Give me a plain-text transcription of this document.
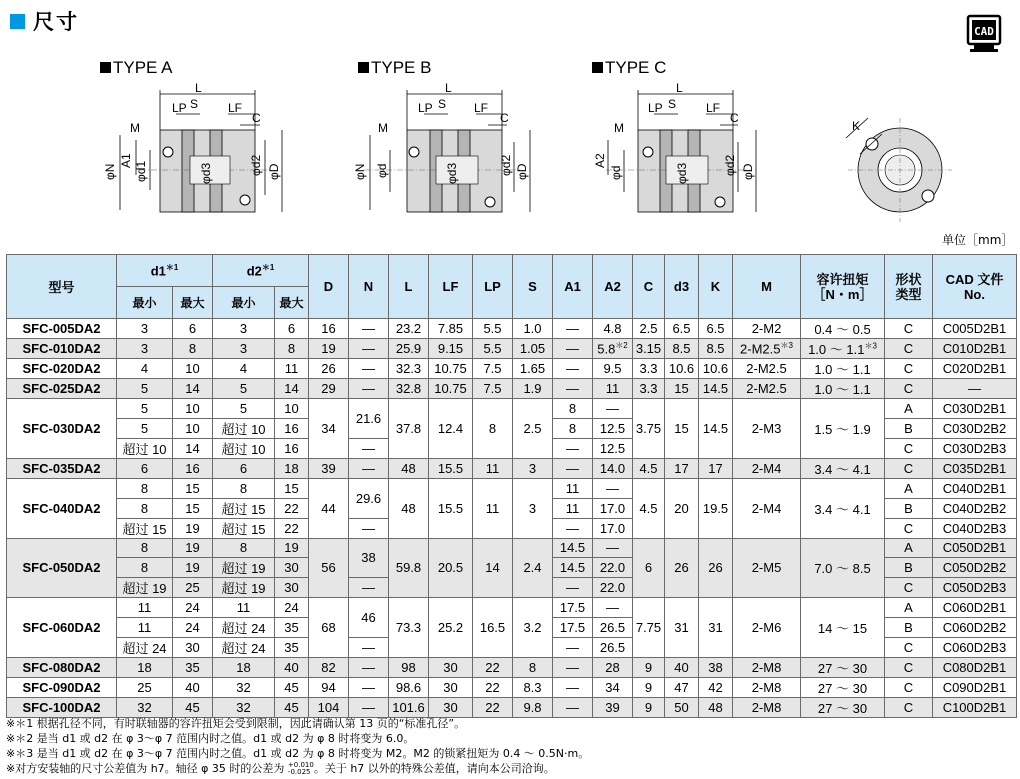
尺寸	CAD
TYPE A	TYPE B	TYPE C
L
LP S LF
C
M
φN
A1
φd1	φd3	φd2 φD
L
LP S LF
C
M
φN φd	φd3	φd2 φD
L
LP S LF
C
M
A2
φd	φd3	φd2 φD
K
单位［mm］
型号	$d1^{*1}$		$d2^{*1}$		D	N	L	LF	LP	S	A1	A2	C	d3	K	M	容许扭矩
［N・m］	形状类型	CAD 文件
No.
	最小	最大	最小	最大															
SFC-005DA2	3	6	3	6	16	—	23.2	7.85	5.5	1.0	—	4.8	2.5	6.5	6.5	2-M2	0.4 ～ 0.5	C	C005D2B1
SFC-010DA2	3	8	3	8	19	—	25.9	9.15	5.5	1.05	—	$5.8^{*2}$	3.15	8.5	8.5	$2-M2.5^{*3}$	1.0 ～ $1.1^{*3}$	C	C010D2B1
SFC-020DA2	4	10	4	11	26	—	32.3	10.75	7.5	1.65	—	9.5	3.3	10.6	10.6	2-M2.5	1.0 ～ 1.1	C	C020D2B1
SFC-025DA2	5	14	5	14	29	—	32.8	10.75	7.5	1.9	—	11	3.3	15	14.5	2-M2.5	1.0 ～ 1.1	C	—
SFC-030DA2	5	10	5	10	34	21.6	37.8	12.4	8	2.5	8	—	3.75	15	14.5	2-M3	1.5 ～ 1.9	A	C030D2B1
	5	10	超过 10	16							8	12.5						B	C030D2B2
	超过 10	14	超过 10	16		—					—	12.5						C	C030D2B3
SFC-035DA2	6	16	6	18	39	—	48	15.5	11	3	—	14.0	4.5	17	17	2-M4	3.4 ～ 4.1	C	C035D2B1
SFC-040DA2	8	15	8	15	44	29.6	48	15.5	11	3	11	—	4.5	20	19.5	2-M4	3.4 ～ 4.1	A	C040D2B1
	8	15	超过 15	22							11	17.0						B	C040D2B2
	超过 15	19	超过 15	22		—					—	17.0						C	C040D2B3
SFC-050DA2	8	19	8	19	56	38	59.8	20.5	14	2.4	14.5	—	6	26	26	2-M5	7.0 ～ 8.5	A	C050D2B1
	8	19	超过 19	30							14.5	22.0						B	C050D2B2
	超过 19	25	超过 19	30		—					—	22.0						C	C050D2B3
SFC-060DA2	11	24	11	24	68	46	73.3	25.2	16.5	3.2	17.5	—	7.75	31	31	2-M6	14 ～ 15	A	C060D2B1
	11	24	超过 24	35							17.5	26.5						B	C060D2B2
	超过 24	30	超过 24	35		—					—	26.5						C	C060D2B3
SFC-080DA2	18	35	18	40	82	—	98	30	22	8	—	28	9	40	38	2-M8	27 ～ 30	C	C080D2B1
SFC-090DA2	25	40	32	45	94	—	98.6	30	22	8.3	—	34	9	47	42	2-M8	27 ～ 30	C	C090D2B1
SFC-100DA2	32	45	32	45	104	—	101.6	30	22	9.8	—	39	9	50	48	2-M8	27 ～ 30	C	C100D2B1
※＊1 根据孔径不同，有时联轴器的容许扭矩会受到限制，因此请确认第 13 页的“标准孔径”。
※＊2 是当 d1 或 d2 在 φ 3～φ 7 范围内时之值。d1 或 d2 为 φ 8 时将变为 6.0。
※＊3 是当 d1 或 d2 在 φ 3～φ 7 范围内时之值。d1 或 d2 为 φ 8 时将变为 M2。M2 的锁紧扭矩为 0.4 ～ 0.5N·m。
※对方安装轴的尺寸公差值为 h7。轴径 φ 35 时的公差为 +0.010
-0.025 。关于 h7 以外的特殊公差值，请向本公司洽询。
